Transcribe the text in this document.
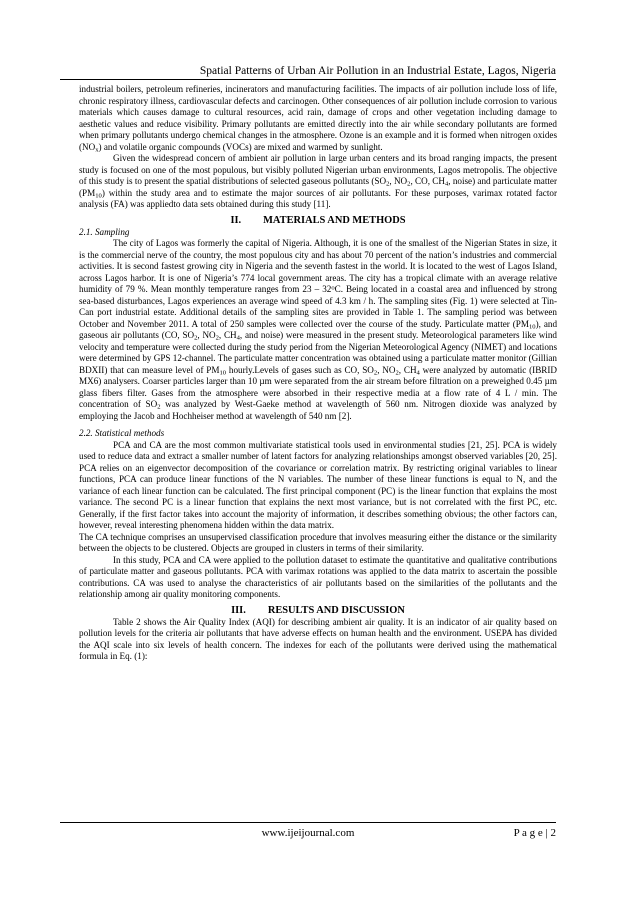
Spatial Patterns of Urban Air Pollution in an Industrial Estate, Lagos, Nigeria

industrial boilers, petroleum refineries, incinerators and manufacturing facilities. The impacts of air pollution include loss of life, chronic respiratory illness, cardiovascular defects and carcinogen. Other consequences of air pollution include corrosion to various materials which causes damage to cultural resources, acid rain, damage of crops and other vegetation including damage to aesthetic values and reduce visibility. Primary pollutants are emitted directly into the air while secondary pollutants are formed when primary pollutants undergo chemical changes in the atmosphere. Ozone is an example and it is formed when nitrogen oxides $(NO_x)$ and volatile organic compounds (VOCs) are mixed and warmed by sunlight.

Given the widespread concern of ambient air pollution in large urban centers and its broad ranging impacts, the present study is focused on one of the most populous, but visibly polluted Nigerian urban environments, Lagos metropolis. The objective of this study is to present the spatial distributions of selected gaseous pollutants ($SO_2$, $NO_2$, CO, $CH_4$, noise) and particulate matter $(PM_{10})$ within the study area and to estimate the major sources of air pollutants. For these purposes, varimax rotated factor analysis (FA) was appliedto data sets obtained during this study [11].

II. MATERIALS AND METHODS

2.1. Sampling

The city of Lagos was formerly the capital of Nigeria. Although, it is one of the smallest of the Nigerian States in size, it is the commercial nerve of the country, the most populous city and has about 70 percent of the nation’s industries and commercial activities. It is second fastest growing city in Nigeria and the seventh fastest in the world. It is located to the west of Lagos Island, across Lagos harbor. It is one of Nigeria’s 774 local government areas. The city has a tropical climate with an average relative humidity of 79 %. Mean monthly temperature ranges from 23 – 32$^o$C. Being located in a coastal area and influenced by strong sea-based disturbances, Lagos experiences an average wind speed of 4.3 km / h. The sampling sites (Fig. 1) were selected at Tin-Can port industrial estate. Additional details of the sampling sites are provided in Table 1. The sampling period was between October and November 2011. A total of 250 samples were collected over the course of the study. Particulate matter $(PM_{10})$, and gaseous air pollutants (CO, $SO_2$, $NO_2$, $CH_4$, and noise) were measured in the present study. Meteorological parameters like wind velocity and temperature were collected during the study period from the Nigerian Meteorological Agency (NIMET) and locations were determined by GPS 12-channel. The particulate matter concentration was obtained using a particulate matter monitor (Gillian BDXII) that can measure level of $PM_{10}$ hourly.Levels of gases such as CO, $SO_2$, $NO_2$, $CH_4$ were analyzed by automatic (IBRID MX6) analysers. Coarser particles larger than 10 µm were separated from the air stream before filtration on a preweighed 0.45 µm glass fibers filter. Gases from the atmosphere were absorbed in their respective media at a flow rate of 4 L / min. The concentration of $SO_2$ was analyzed by West-Gaeke method at wavelength of 560 nm. Nitrogen dioxide was analyzed by employing the Jacob and Hochheiser method at wavelength of 540 nm [2].

2.2. Statistical methods

PCA and CA are the most common multivariate statistical tools used in environmental studies [21, 25]. PCA is widely used to reduce data and extract a smaller number of latent factors for analyzing relationships amongst observed variables [20, 25]. PCA relies on an eigenvector decomposition of the covariance or correlation matrix. By restricting original variables to linear functions, PCA can produce linear functions of the N variables. The number of these linear functions is equal to N, and the variance of each linear function can be calculated. The first principal component (PC) is the linear function that explains the most variance. The second PC is a linear function that explains the next most variance, but is not correlated with the first PC, etc. Generally, if the first factor takes into account the majority of information, it describes something obvious; the other factors can, however, reveal interesting phenomena hidden within the data matrix.

The CA technique comprises an unsupervised classification procedure that involves measuring either the distance or the similarity between the objects to be clustered. Objects are grouped in clusters in terms of their similarity.

In this study, PCA and CA were applied to the pollution dataset to estimate the quantitative and qualitative contributions of particulate matter and gaseous pollutants. PCA with varimax rotations was applied to the data matrix to ascertain the possible contributions. CA was used to analyse the characteristics of air pollutants based on the similarities of the pollutants and the relationship among air quality monitoring components.

III. RESULTS AND DISCUSSION

Table 2 shows the Air Quality Index (AQI) for describing ambient air quality. It is an indicator of air quality based on pollution levels for the criteria air pollutants that have adverse effects on human health and the environment. USEPA has divided the AQI scale into six levels of health concern. The indexes for each of the pollutants were derived using the mathematical formula in Eq. (1):

www.ijeijournal.com	P a g e | 2
